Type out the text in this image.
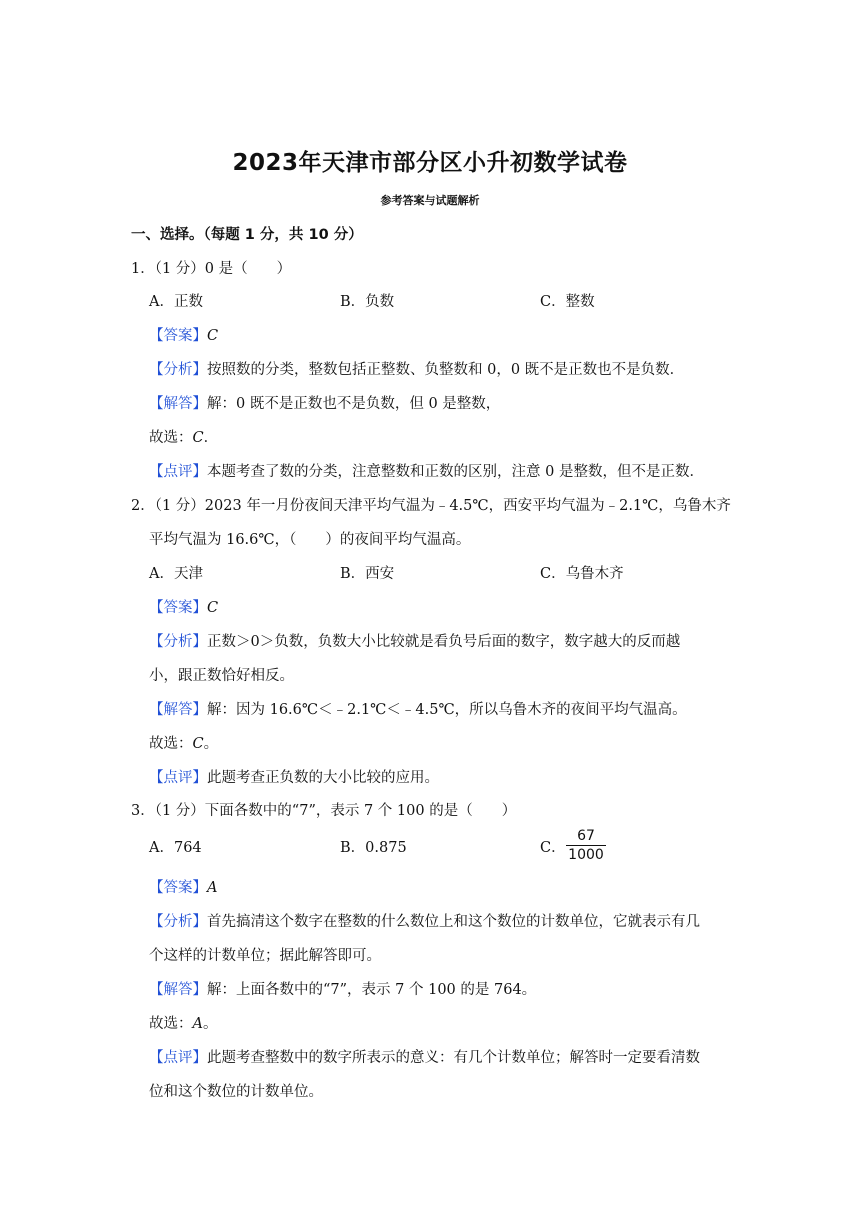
2023年天津市部分区小升初数学试卷
参考答案与试题解析
一、选择。（每题 1 分，共 10 分）
1．（1 分）0 是（　　）
A．正数	B．负数	C．整数
【答案】C
【分析】按照数的分类，整数包括正整数、负整数和 0，0 既不是正数也不是负数．
【解答】解：0 既不是正数也不是负数，但 0 是整数，
故选：C．
【点评】本题考查了数的分类，注意整数和正数的区别，注意 0 是整数，但不是正数．
2．（1 分）2023 年一月份夜间天津平均气温为﹣4.5℃，西安平均气温为﹣2.1℃，乌鲁木齐
平均气温为 16.6℃，（　　）的夜间平均气温高。
A．天津	B．西安	C．乌鲁木齐
【答案】C
【分析】正数＞0＞负数，负数大小比较就是看负号后面的数字，数字越大的反而越
小，跟正数恰好相反。
【解答】解：因为 16.6℃＜﹣2.1℃＜﹣4.5℃，所以乌鲁木齐的夜间平均气温高。
故选：C。
【点评】此题考查正负数的大小比较的应用。
3．（1 分）下面各数中的“7”，表示 7 个 100 的是（　　）
A．764	B．0.875	C．
67
1000
【答案】A
【分析】首先搞清这个数字在整数的什么数位上和这个数位的计数单位，它就表示有几
个这样的计数单位；据此解答即可。
【解答】解：上面各数中的“7”，表示 7 个 100 的是 764。
故选：A。
【点评】此题考查整数中的数字所表示的意义：有几个计数单位；解答时一定要看清数
位和这个数位的计数单位。
